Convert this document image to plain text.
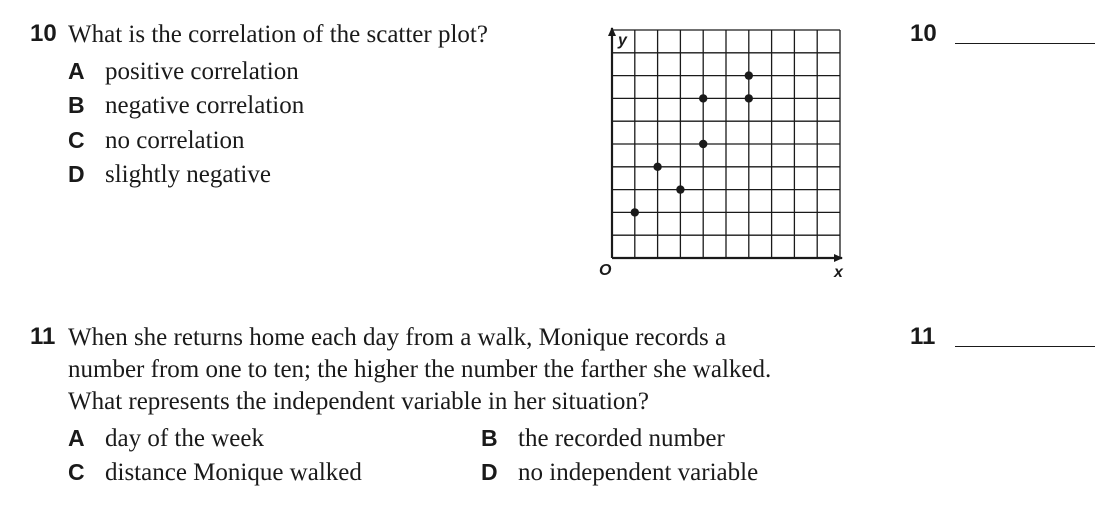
10 What is the correlation of the scatter plot?
A positive correlation
B negative correlation
C no correlation
D slightly negative
10
y
x
O
11 When she returns home each day from a walk, Monique records a
number from one to ten; the higher the number the farther she walked.
What represents the independent variable in her situation?
A day of the week	B the recorded number
C distance Monique walked	D no independent variable
11
